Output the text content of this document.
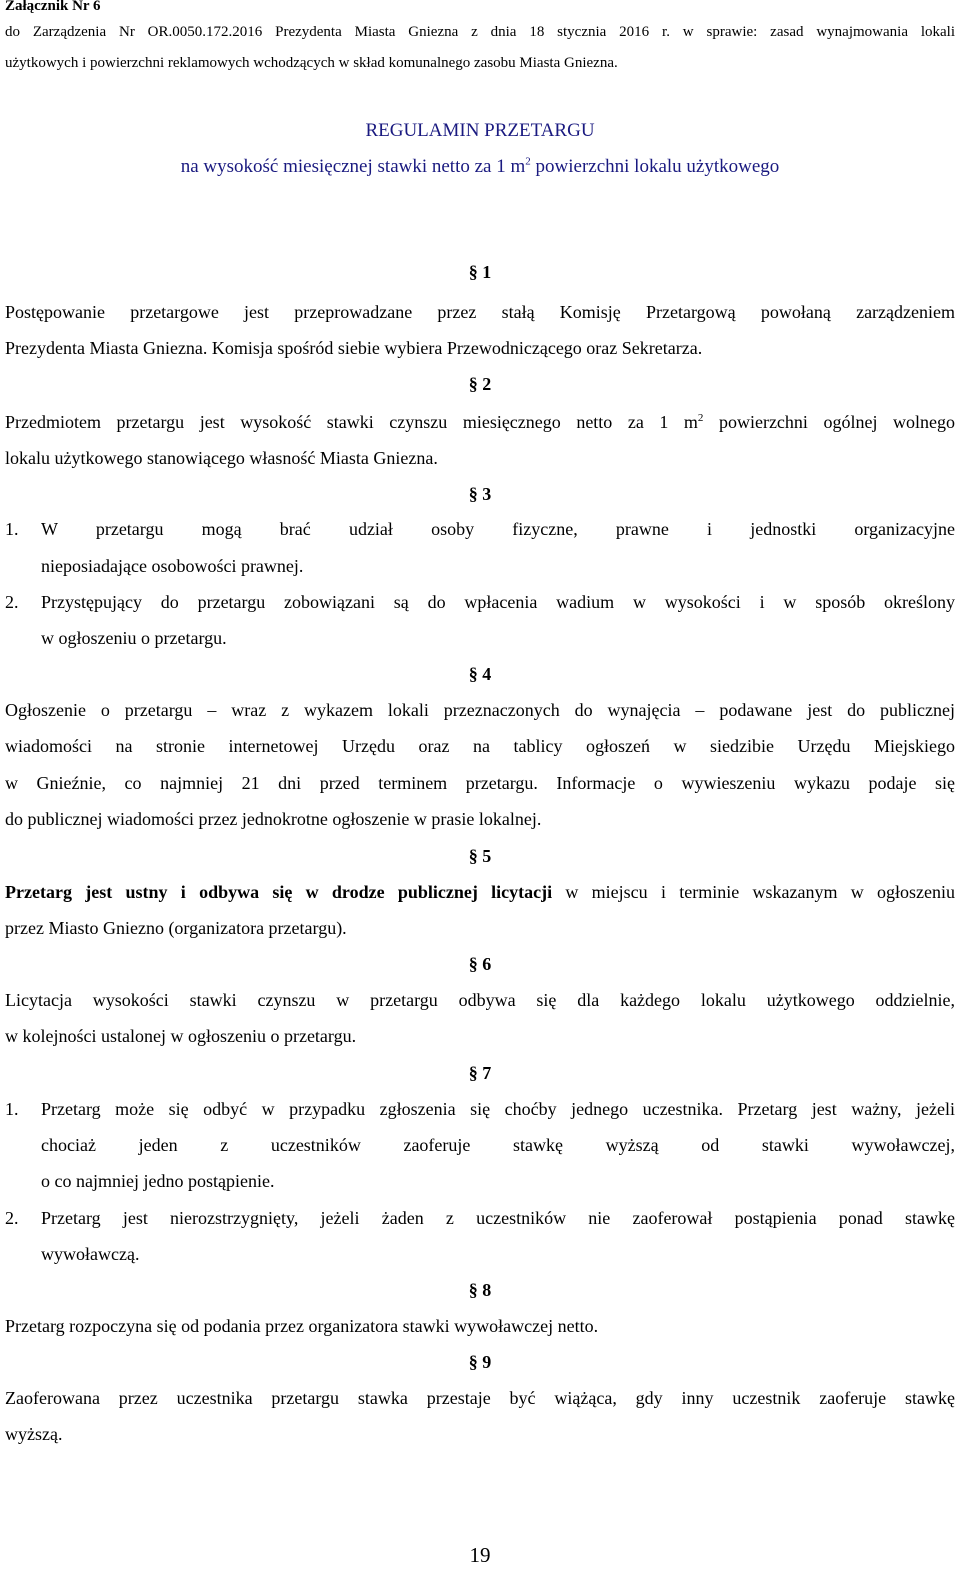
Załącznik Nr 6
do Zarządzenia Nr OR.0050.172.2016 Prezydenta Miasta Gniezna z dnia 18 stycznia 2016 r. w sprawie: zasad wynajmowania lokali
użytkowych i powierzchni reklamowych wchodzących w skład komunalnego zasobu Miasta Gniezna.
REGULAMIN PRZETARGU
na wysokość miesięcznej stawki netto za 1 $m^2$ powierzchni lokalu użytkowego
§ 1
Postępowanie przetargowe jest przeprowadzane przez stałą Komisję Przetargową powołaną zarządzeniem
Prezydenta Miasta Gniezna. Komisja spośród siebie wybiera Przewodniczącego oraz Sekretarza.
§ 2
Przedmiotem przetargu jest wysokość stawki czynszu miesięcznego netto za 1 $m^2$ powierzchni ogólnej wolnego
lokalu użytkowego stanowiącego własność Miasta Gniezna.
§ 3
1. W przetargu mogą brać udział osoby fizyczne, prawne i jednostki organizacyjne
nieposiadające osobowości prawnej.
2. Przystępujący do przetargu zobowiązani są do wpłacenia wadium w wysokości i w sposób określony
w ogłoszeniu o przetargu.
§ 4
Ogłoszenie o przetargu – wraz z wykazem lokali przeznaczonych do wynajęcia – podawane jest do publicznej
wiadomości na stronie internetowej Urzędu oraz na tablicy ogłoszeń w siedzibie Urzędu Miejskiego
w Gnieźnie, co najmniej 21 dni przed terminem przetargu. Informacje o wywieszeniu wykazu podaje się
do publicznej wiadomości przez jednokrotne ogłoszenie w prasie lokalnej.
§ 5
Przetarg jest ustny i odbywa się w drodze publicznej licytacji w miejscu i terminie wskazanym w ogłoszeniu
przez Miasto Gniezno (organizatora przetargu).
§ 6
Licytacja wysokości stawki czynszu w przetargu odbywa się dla każdego lokalu użytkowego oddzielnie,
w kolejności ustalonej w ogłoszeniu o przetargu.
§ 7
1. Przetarg może się odbyć w przypadku zgłoszenia się choćby jednego uczestnika. Przetarg jest ważny, jeżeli
chociaż jeden z uczestników zaoferuje stawkę wyższą od stawki wywoławczej,
o co najmniej jedno postąpienie.
2. Przetarg jest nierozstrzygnięty, jeżeli żaden z uczestników nie zaoferował postąpienia ponad stawkę
wywoławczą.
§ 8
Przetarg rozpoczyna się od podania przez organizatora stawki wywoławczej netto.
§ 9
Zaoferowana przez uczestnika przetargu stawka przestaje być wiążąca, gdy inny uczestnik zaoferuje stawkę
wyższą.
19
